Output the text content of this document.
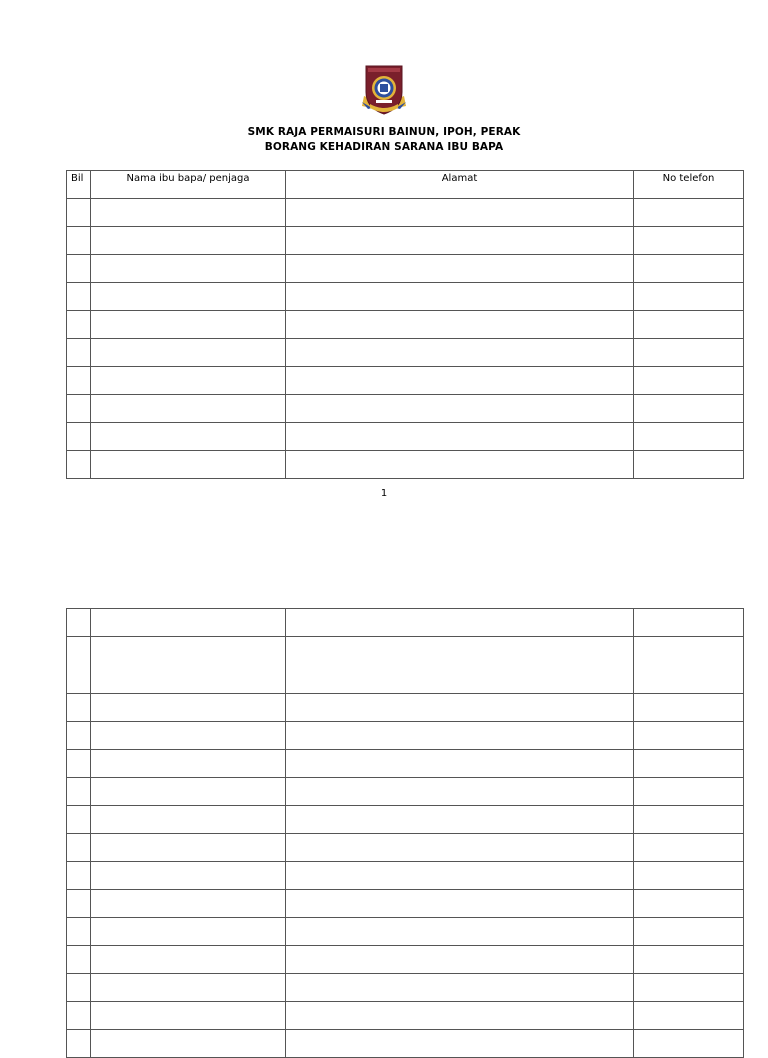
SMK RAJA PERMAISURI BAINUN, IPOH, PERAK
BORANG KEHADIRAN SARANA IBU BAPA
Bil	Nama ibu bapa/ penjaga	Alamat	No telefon

1
